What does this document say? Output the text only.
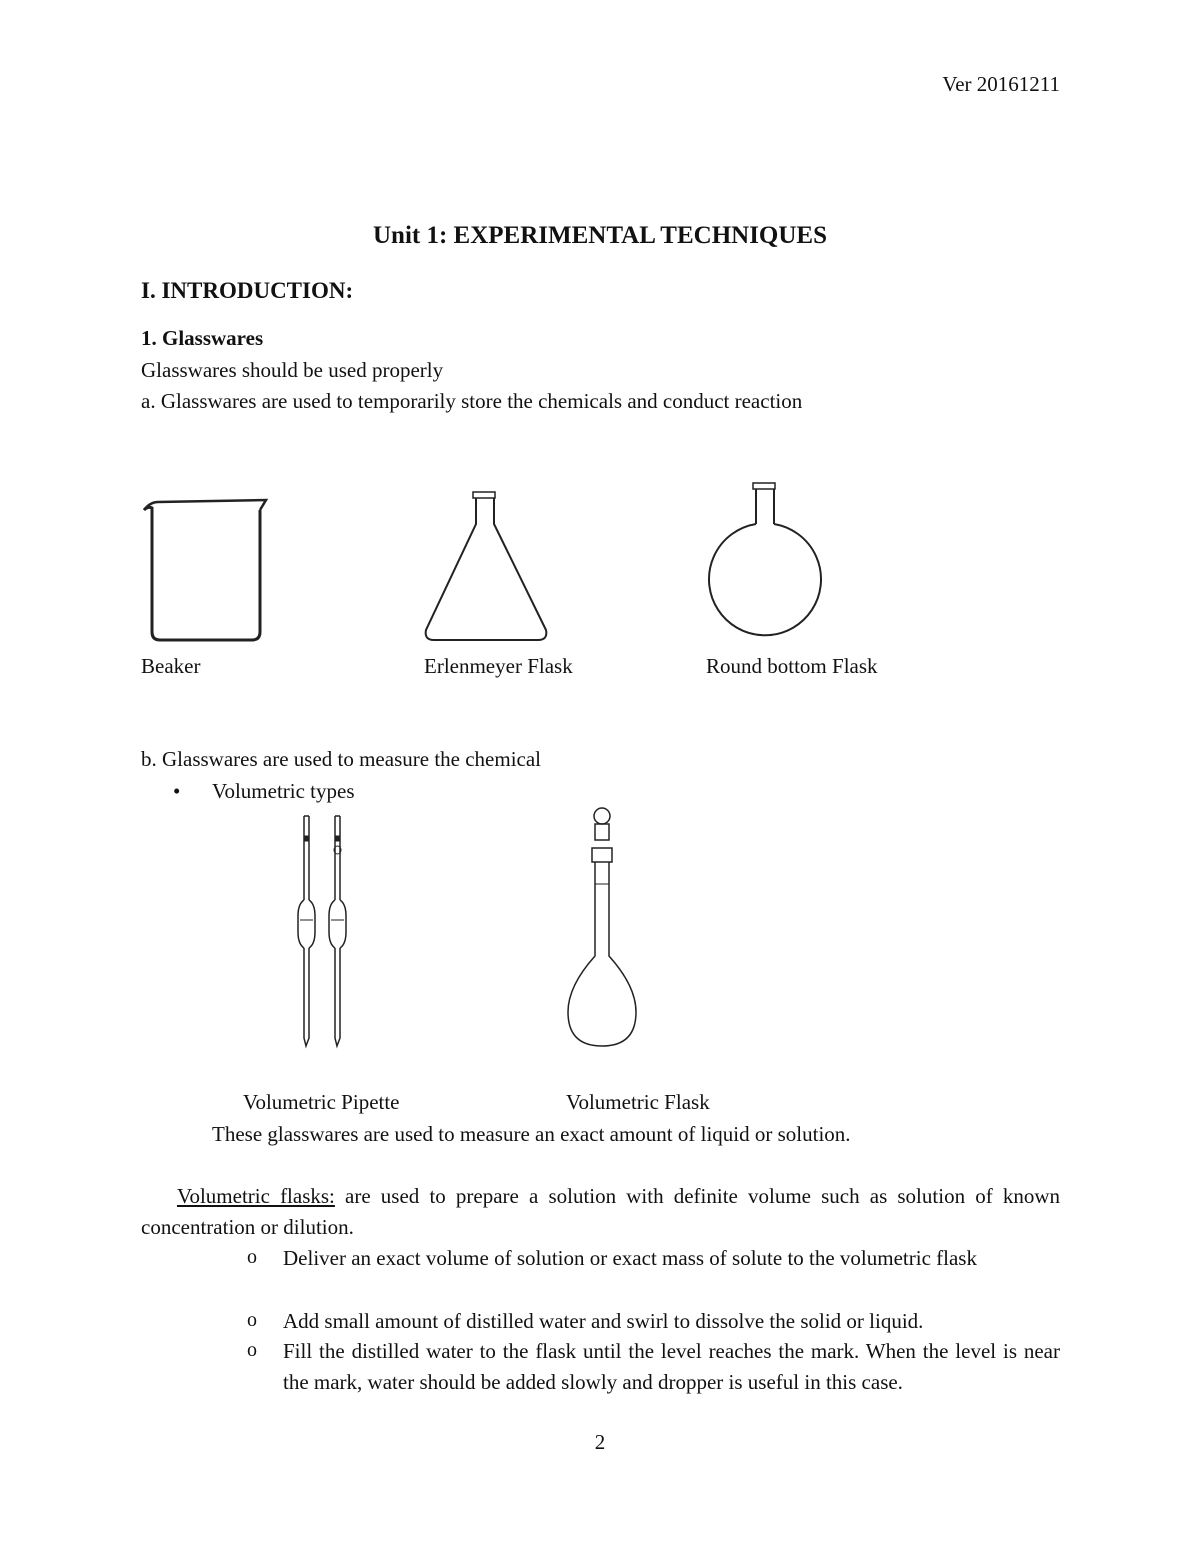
Ver 20161211
Unit 1: EXPERIMENTAL TECHNIQUES
I. INTRODUCTION:
1. Glasswares
Glasswares should be used properly
a. Glasswares are used to temporarily store the chemicals and conduct reaction
Beaker	Erlenmeyer Flask	Round bottom Flask
b. Glasswares are used to measure the chemical
• Volumetric types
Volumetric Pipette	Volumetric Flask
These glasswares are used to measure an exact amount of liquid or solution.
Volumetric flasks: are used to prepare a solution with definite volume such as solution of known concentration or dilution.
o Deliver an exact volume of solution or exact mass of solute to the volumetric flask
o Add small amount of distilled water and swirl to dissolve the solid or liquid.
o Fill the distilled water to the flask until the level reaches the mark. When the level is near the mark, water should be added slowly and dropper is useful in this case.
2
